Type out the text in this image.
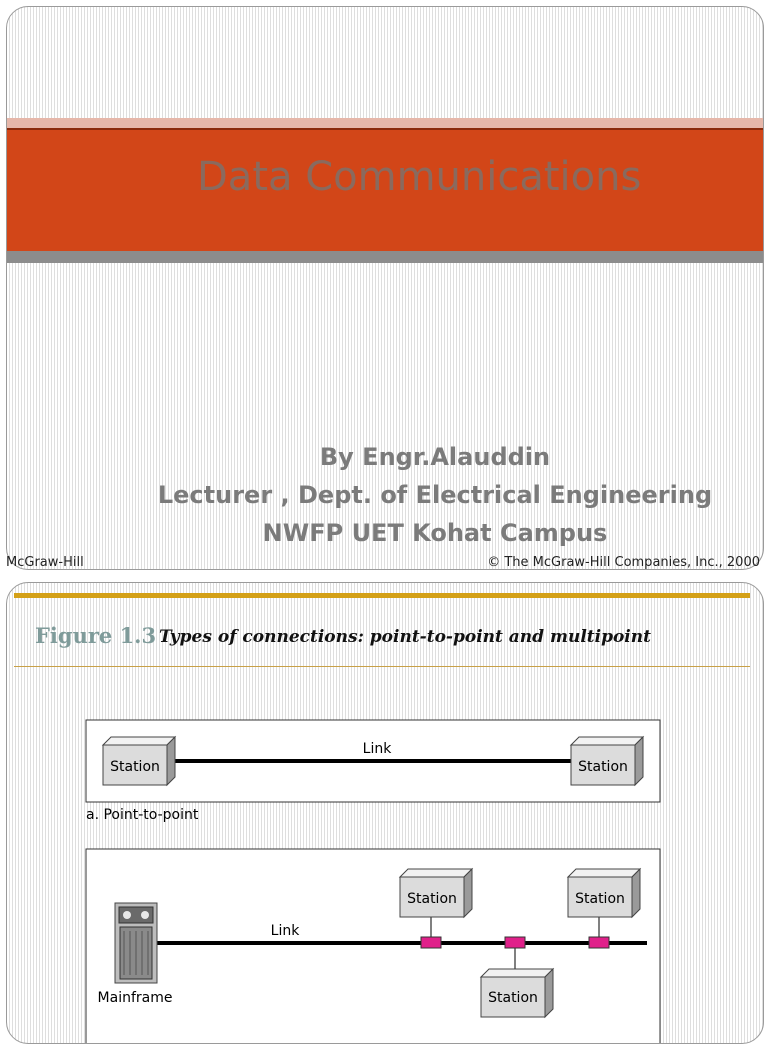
Data Communications
By Engr.Alauddin
Lecturer , Dept. of Electrical Engineering
NWFP UET Kohat Campus
McGraw-Hill	© The McGraw-Hill Companies, Inc., 2000
Figure 1.3 Types of connections: point-to-point and multipoint
Link
Station	Station
a. Point-to-point
Link
Mainframe
Station
Station
Station
